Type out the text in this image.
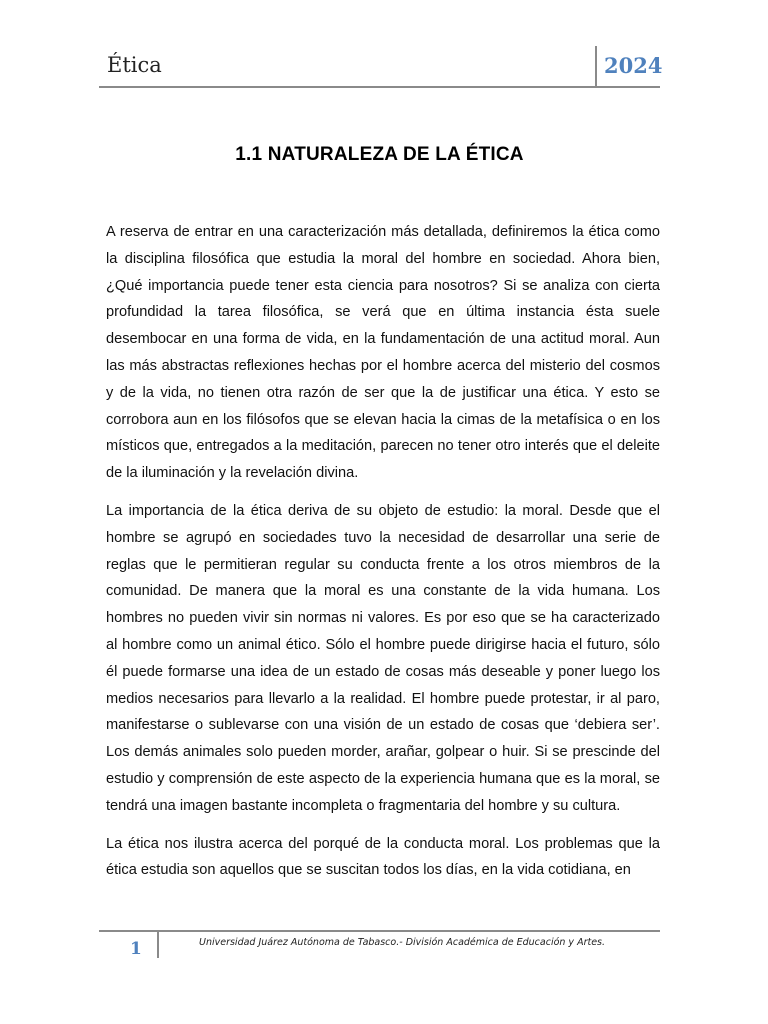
Ética	2024
1.1 NATURALEZA DE LA ÉTICA

A reserva de entrar en una caracterización más detallada, definiremos la ética como la disciplina filosófica que estudia la moral del hombre en sociedad. Ahora bien, ¿Qué importancia puede tener esta ciencia para nosotros? Si se analiza con cierta profundidad la tarea filosófica, se verá que en última instancia ésta suele desembocar en una forma de vida, en la fundamentación de una actitud moral. Aun las más abstractas reflexiones hechas por el hombre acerca del misterio del cosmos y de la vida, no tienen otra razón de ser que la de justificar una ética. Y esto se corrobora aun en los filósofos que se elevan hacia la cimas de la metafísica o en los místicos que, entregados a la meditación, parecen no tener otro interés que el deleite de la iluminación y la revelación divina.

La importancia de la ética deriva de su objeto de estudio: la moral. Desde que el hombre se agrupó en sociedades tuvo la necesidad de desarrollar una serie de reglas que le permitieran regular su conducta frente a los otros miembros de la comunidad. De manera que la moral es una constante de la vida humana. Los hombres no pueden vivir sin normas ni valores. Es por eso que se ha caracterizado al hombre como un animal ético. Sólo el hombre puede dirigirse hacia el futuro, sólo él puede formarse una idea de un estado de cosas más deseable y poner luego los medios necesarios para llevarlo a la realidad. El hombre puede protestar, ir al paro, manifestarse o sublevarse con una visión de un estado de cosas que ‘debiera ser’. Los demás animales solo pueden morder, arañar, golpear o huir. Si se prescinde del estudio y comprensión de este aspecto de la experiencia humana que es la moral, se tendrá una imagen bastante incompleta o fragmentaria del hombre y su cultura.

La ética nos ilustra acerca del porqué de la conducta moral. Los problemas que la ética estudia son aquellos que se suscitan todos los días, en la vida cotidiana, en

1	Universidad Juárez Autónoma de Tabasco.- División Académica de Educación y Artes.
